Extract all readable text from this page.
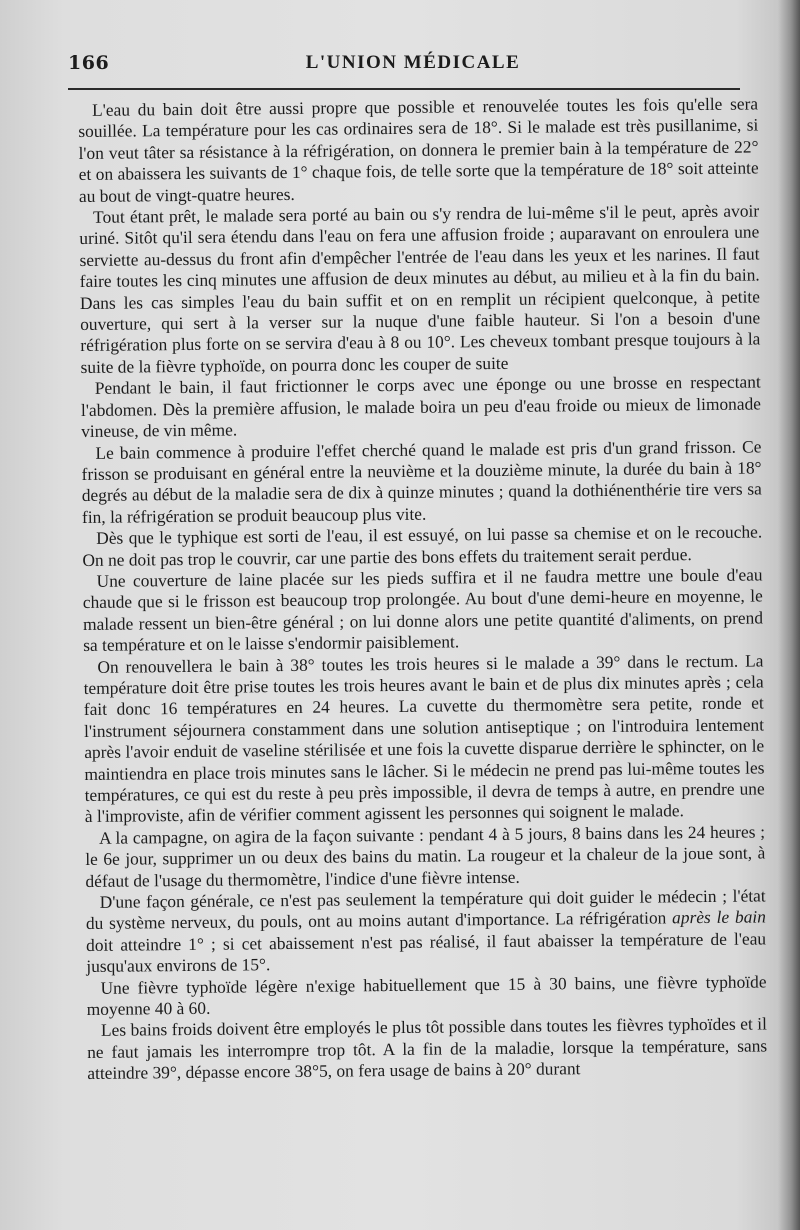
166	L'UNION MÉDICALE

L'eau du bain doit être aussi propre que possible et renouvelée toutes les fois qu'elle sera souillée. La température pour les cas ordinaires sera de 18°. Si le malade est très pusillanime, si l'on veut tâter sa résistance à la réfrigération, on donnera le premier bain à la température de 22° et on abaissera les suivants de 1° chaque fois, de telle sorte que la température de 18° soit atteinte au bout de vingt-quatre heures.

Tout étant prêt, le malade sera porté au bain ou s'y rendra de lui-même s'il le peut, après avoir uriné. Sitôt qu'il sera étendu dans l'eau on fera une affusion froide ; auparavant on enroulera une serviette au-dessus du front afin d'empêcher l'entrée de l'eau dans les yeux et les narines. Il faut faire toutes les cinq minutes une affusion de deux minutes au début, au milieu et à la fin du bain. Dans les cas simples l'eau du bain suffit et on en remplit un récipient quelconque, à petite ouverture, qui sert à la verser sur la nuque d'une faible hauteur. Si l'on a besoin d'une réfrigération plus forte on se servira d'eau à 8 ou 10°. Les cheveux tombant presque toujours à la suite de la fièvre typhoïde, on pourra donc les couper de suite

Pendant le bain, il faut frictionner le corps avec une éponge ou une brosse en respectant l'abdomen. Dès la première affusion, le malade boira un peu d'eau froide ou mieux de limonade vineuse, de vin même.

Le bain commence à produire l'effet cherché quand le malade est pris d'un grand frisson. Ce frisson se produisant en général entre la neuvième et la douzième minute, la durée du bain à 18° degrés au début de la maladie sera de dix à quinze minutes ; quand la dothiénenthérie tire vers sa fin, la réfrigération se produit beaucoup plus vite.

Dès que le typhique est sorti de l'eau, il est essuyé, on lui passe sa chemise et on le recouche. On ne doit pas trop le couvrir, car une partie des bons effets du traitement serait perdue.

Une couverture de laine placée sur les pieds suffira et il ne faudra mettre une boule d'eau chaude que si le frisson est beaucoup trop prolongée. Au bout d'une demi-heure en moyenne, le malade ressent un bien-être général ; on lui donne alors une petite quantité d'aliments, on prend sa température et on le laisse s'endormir paisiblement.

On renouvellera le bain à 38° toutes les trois heures si le malade a 39° dans le rectum. La température doit être prise toutes les trois heures avant le bain et de plus dix minutes après ; cela fait donc 16 températures en 24 heures. La cuvette du thermomètre sera petite, ronde et l'instrument séjournera constamment dans une solution antiseptique ; on l'introduira lentement après l'avoir enduit de vaseline stérilisée et une fois la cuvette disparue derrière le sphincter, on le maintiendra en place trois minutes sans le lâcher. Si le médecin ne prend pas lui-même toutes les températures, ce qui est du reste à peu près impossible, il devra de temps à autre, en prendre une à l'improviste, afin de vérifier comment agissent les personnes qui soignent le malade.

A la campagne, on agira de la façon suivante : pendant 4 à 5 jours, 8 bains dans les 24 heures ; le 6e jour, supprimer un ou deux des bains du matin. La rougeur et la chaleur de la joue sont, à défaut de l'usage du thermomètre, l'indice d'une fièvre intense.

D'une façon générale, ce n'est pas seulement la température qui doit guider le médecin ; l'état du système nerveux, du pouls, ont au moins autant d'importance. La réfrigération après le bain doit atteindre 1° ; si cet abaissement n'est pas réalisé, il faut abaisser la température de l'eau jusqu'aux environs de 15°.

Une fièvre typhoïde légère n'exige habituellement que 15 à 30 bains, une fièvre typhoïde moyenne 40 à 60.

Les bains froids doivent être employés le plus tôt possible dans toutes les fièvres typhoïdes et il ne faut jamais les interrompre trop tôt. A la fin de la maladie, lorsque la température, sans atteindre 39°, dépasse encore 38°5, on fera usage de bains à 20° durant
